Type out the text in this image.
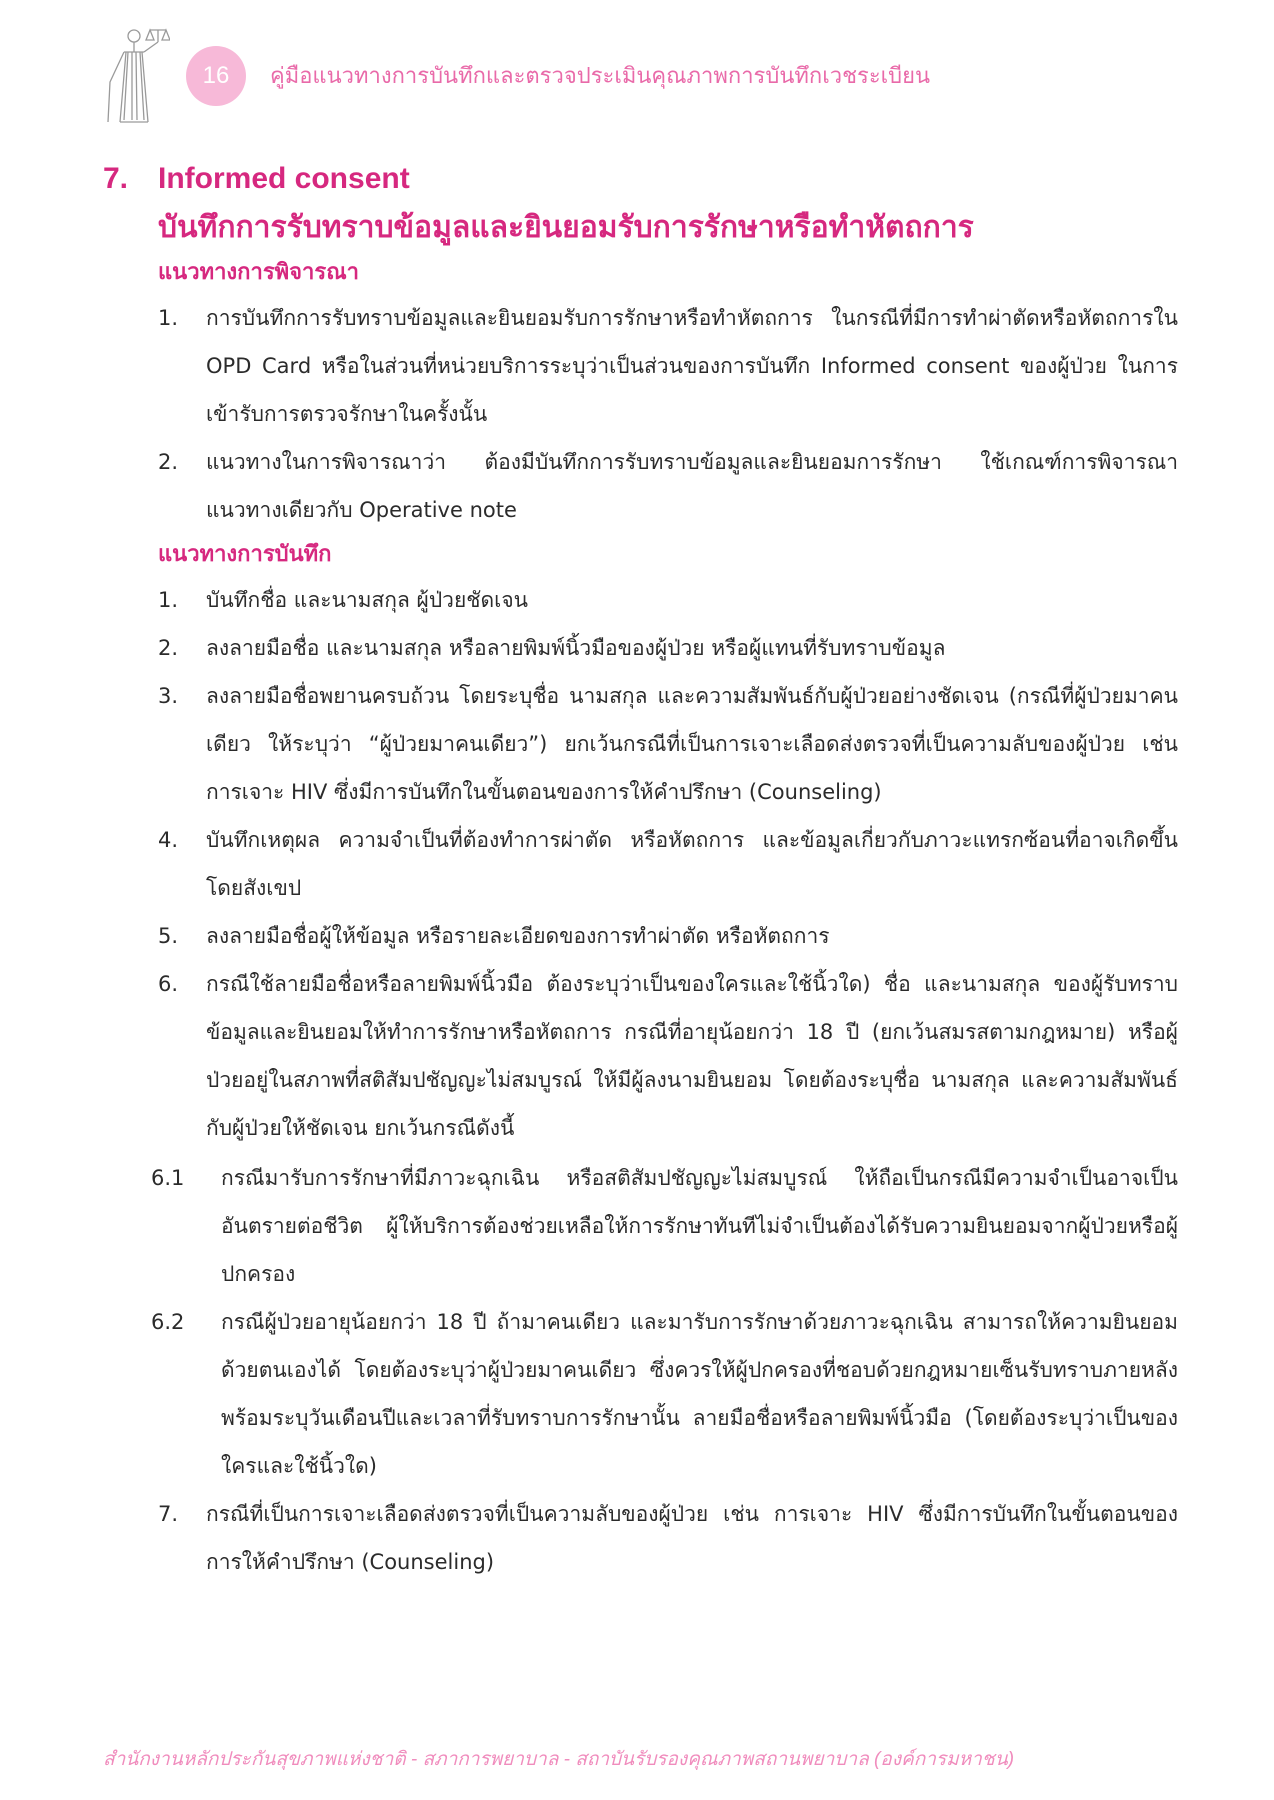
16	คู่มือแนวทางการบันทึกและตรวจประเมินคุณภาพการบันทึกเวชระเบียน
7. Informed consent
บันทึกการรับทราบข้อมูลและยินยอมรับการรักษาหรือทำหัตถการ
แนวทางการพิจารณา
1.	การบันทึกการรับทราบข้อมูลและยินยอมรับการรักษาหรือทำหัตถการ ในกรณีที่มีการทำผ่าตัดหรือหัตถการใน OPD Card หรือในส่วนที่หน่วยบริการระบุว่าเป็นส่วนของการบันทึก Informed consent ของผู้ป่วย ในการเข้ารับการตรวจรักษาในครั้งนั้น
2.	แนวทางในการพิจารณาว่า ต้องมีบันทึกการรับทราบข้อมูลและยินยอมการรักษา ใช้เกณฑ์การพิจารณาแนวทางเดียวกับ Operative note
แนวทางการบันทึก
1.	บันทึกชื่อ และนามสกุล ผู้ป่วยชัดเจน
2.	ลงลายมือชื่อ และนามสกุล หรือลายพิมพ์นิ้วมือของผู้ป่วย หรือผู้แทนที่รับทราบข้อมูล
3.	ลงลายมือชื่อพยานครบถ้วน โดยระบุชื่อ นามสกุล และความสัมพันธ์กับผู้ป่วยอย่างชัดเจน (กรณีที่ผู้ป่วยมาคนเดียว ให้ระบุว่า “ผู้ป่วยมาคนเดียว”) ยกเว้นกรณีที่เป็นการเจาะเลือดส่งตรวจที่เป็นความลับของผู้ป่วย เช่น การเจาะ HIV ซึ่งมีการบันทึกในขั้นตอนของการให้คำปรึกษา (Counseling)
4.	บันทึกเหตุผล ความจำเป็นที่ต้องทำการผ่าตัด หรือหัตถการ และข้อมูลเกี่ยวกับภาวะแทรกซ้อนที่อาจเกิดขึ้นโดยสังเขป
5.	ลงลายมือชื่อผู้ให้ข้อมูล หรือรายละเอียดของการทำผ่าตัด หรือหัตถการ
6.	กรณีใช้ลายมือชื่อหรือลายพิมพ์นิ้วมือ ต้องระบุว่าเป็นของใครและใช้นิ้วใด) ชื่อ และนามสกุล ของผู้รับทราบข้อมูลและยินยอมให้ทำการรักษาหรือหัตถการ กรณีที่อายุน้อยกว่า 18 ปี (ยกเว้นสมรสตามกฎหมาย) หรือผู้ป่วยอยู่ในสภาพที่สติสัมปชัญญะไม่สมบูรณ์ ให้มีผู้ลงนามยินยอม โดยต้องระบุชื่อ นามสกุล และความสัมพันธ์กับผู้ป่วยให้ชัดเจน ยกเว้นกรณีดังนี้
6.1	กรณีมารับการรักษาที่มีภาวะฉุกเฉิน หรือสติสัมปชัญญะไม่สมบูรณ์ ให้ถือเป็นกรณีมีความจำเป็นอาจเป็นอันตรายต่อชีวิต ผู้ให้บริการต้องช่วยเหลือให้การรักษาทันทีไม่จำเป็นต้องได้รับความยินยอมจากผู้ป่วยหรือผู้ปกครอง
6.2	กรณีผู้ป่วยอายุน้อยกว่า 18 ปี ถ้ามาคนเดียว และมารับการรักษาด้วยภาวะฉุกเฉิน สามารถให้ความยินยอมด้วยตนเองได้ โดยต้องระบุว่าผู้ป่วยมาคนเดียว ซึ่งควรให้ผู้ปกครองที่ชอบด้วยกฎหมายเซ็นรับทราบภายหลัง พร้อมระบุวันเดือนปีและเวลาที่รับทราบการรักษานั้น ลายมือชื่อหรือลายพิมพ์นิ้วมือ (โดยต้องระบุว่าเป็นของใครและใช้นิ้วใด)
7.	กรณีที่เป็นการเจาะเลือดส่งตรวจที่เป็นความลับของผู้ป่วย เช่น การเจาะ HIV ซึ่งมีการบันทึกในขั้นตอนของการให้คำปรึกษา (Counseling)
สำนักงานหลักประกันสุขภาพแห่งชาติ - สภาการพยาบาล - สถาบันรับรองคุณภาพสถานพยาบาล (องค์การมหาชน)
